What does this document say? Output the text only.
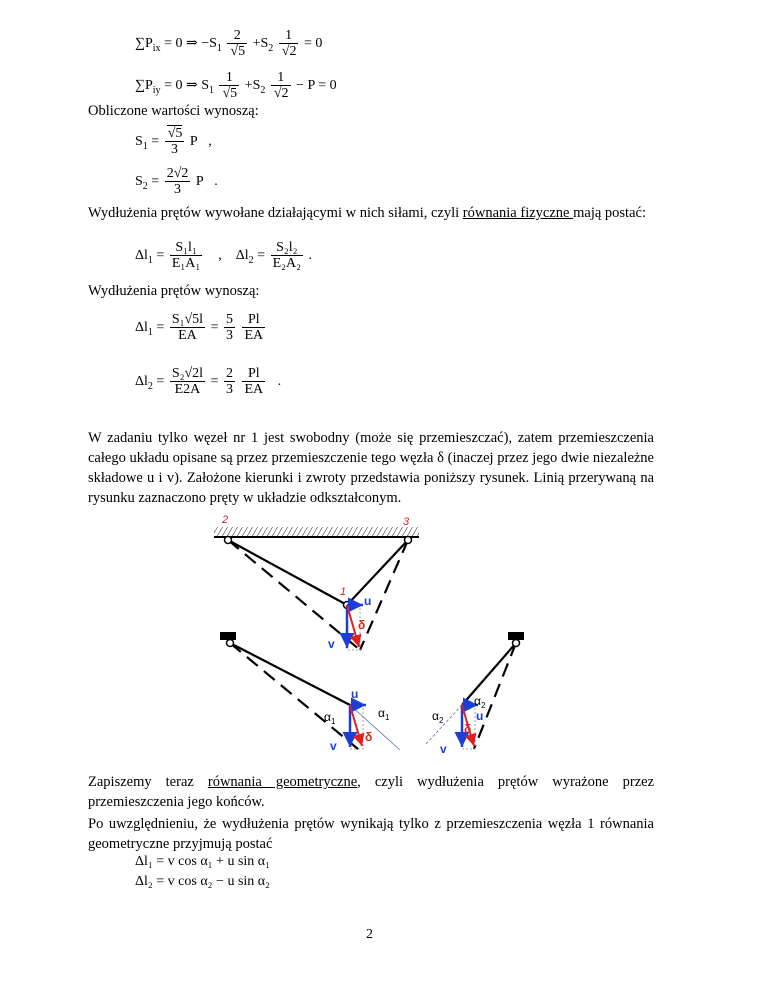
$\sum P_{ix} = 0$ ⇒ $-S_1$ 2
√ $5 +S_2$ 1
√ 2 = 0
$\sum P_{iy} = 0$ ⇒ $S_1$ 1
√ $5 +S_2$ 1
√ 2 − P = 0
Obliczone wartości wynoszą:
$S_1$ =
√ $\frac{5}{3}$ P ,
$S_2 = \frac{2√2}{3}$ P .
Wydłużenia prętów wywołane działającymi w nich siłami, czyli równania fizyczne mają postać:
$\Delta l_1 = \frac{\text{S₁l₁}}{\text{E₁A₁}}$ , $\Delta l_2 = \frac{\text{S₂l₂}}{\text{E₂A₂}}$ .
Wydłużenia prętów wynoszą:
$\Delta l_1 = \frac{\text{S₁√5l}}{EA} = \frac{5}{3}$
$\frac{Pl}{EA}$
$\Delta l_2 = \frac{\text{S₂√2l}}{E2A} = \frac{2}{3}$
$\frac{Pl}{EA}$ .
W zadaniu tylko węzeł nr 1 jest swobodny (może się przemieszczać), zatem przemieszczenia całego układu opisane są przez przemieszczenie tego węzła δ (inaczej przez jego dwie niezależne składowe u i v). Założone kierunki i zwroty przedstawia poniższy rysunek. Linią przerywaną na rysunku zaznaczono pręty w układzie odkształconym.
2	3
1
u
v
δ
u
v
δ
$\alpha_1$
$\alpha_1$	u
v
δ
$\alpha_2$
$\alpha_2$
Zapiszemy teraz równania geometryczne, czyli wydłużenia prętów wyrażone przez przemieszczenia jego końców.
Po uwzględnieniu, że wydłużenia prętów wynikają tylko z przemieszczenia węzła 1 równania geometryczne przyjmują postać
Δl₁ = v cos α₁ + u sin α₁
Δl₂ = v cos α₂ − u sin α₂
2
